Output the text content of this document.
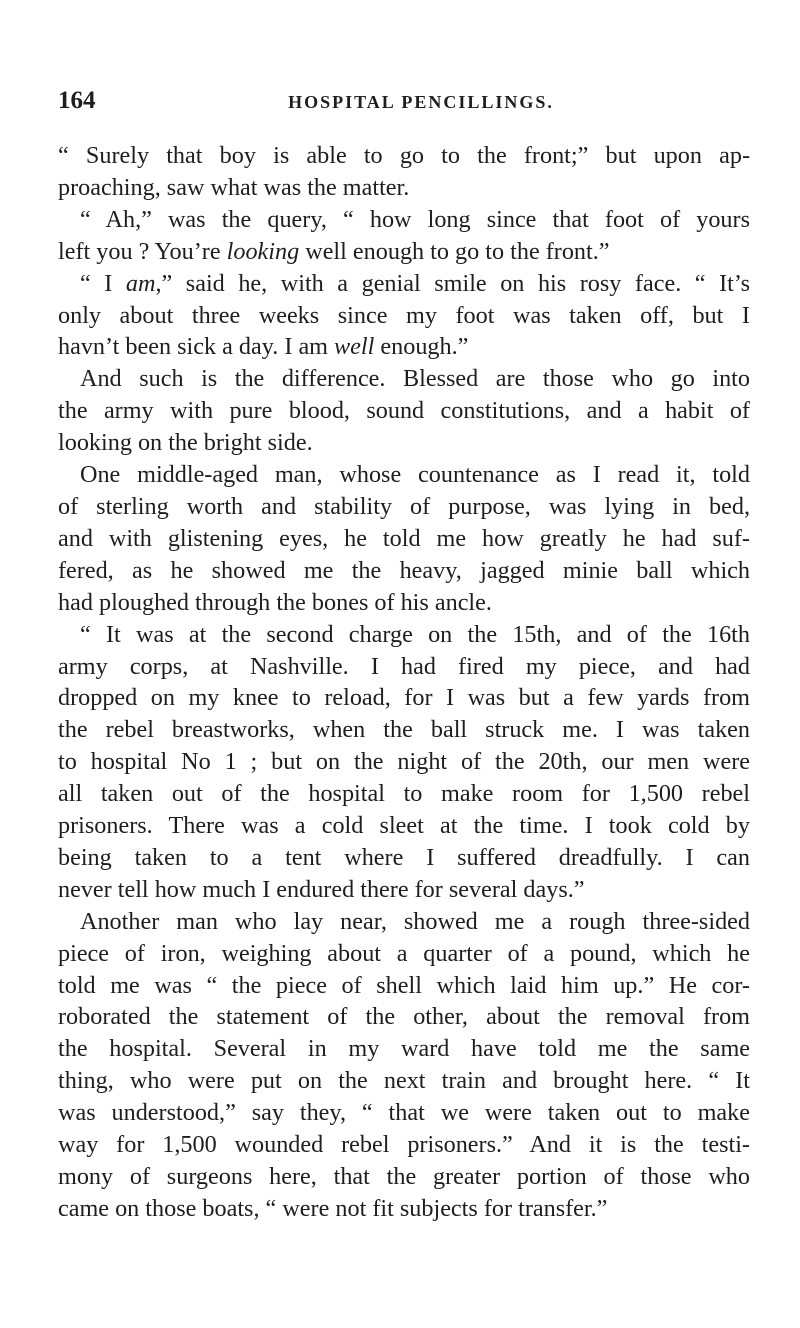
164	HOSPITAL PENCILLINGS.
“ Surely that boy is able to go to the front;” but upon ap-
proaching, saw what was the matter.
“ Ah,” was the query, “ how long since that foot of yours
left you ? You’re looking well enough to go to the front.”
“ I am,” said he, with a genial smile on his rosy face. “ It’s
only about three weeks since my foot was taken off, but I
havn’t been sick a day. I am well enough.”
And such is the difference. Blessed are those who go into
the army with pure blood, sound constitutions, and a habit of
looking on the bright side.
One middle-aged man, whose countenance as I read it, told
of sterling worth and stability of purpose, was lying in bed,
and with glistening eyes, he told me how greatly he had suf-
fered, as he showed me the heavy, jagged minie ball which
had ploughed through the bones of his ancle.
“ It was at the second charge on the 15th, and of the 16th
army corps, at Nashville. I had fired my piece, and had
dropped on my knee to reload, for I was but a few yards from
the rebel breastworks, when the ball struck me. I was taken
to hospital No 1 ; but on the night of the 20th, our men were
all taken out of the hospital to make room for 1,500 rebel
prisoners. There was a cold sleet at the time. I took cold by
being taken to a tent where I suffered dreadfully. I can
never tell how much I endured there for several days.”
Another man who lay near, showed me a rough three-sided
piece of iron, weighing about a quarter of a pound, which he
told me was “ the piece of shell which laid him up.” He cor-
roborated the statement of the other, about the removal from
the hospital. Several in my ward have told me the same
thing, who were put on the next train and brought here. “ It
was understood,” say they, “ that we were taken out to make
way for 1,500 wounded rebel prisoners.” And it is the testi-
mony of surgeons here, that the greater portion of those who
came on those boats, “ were not fit subjects for transfer.”
